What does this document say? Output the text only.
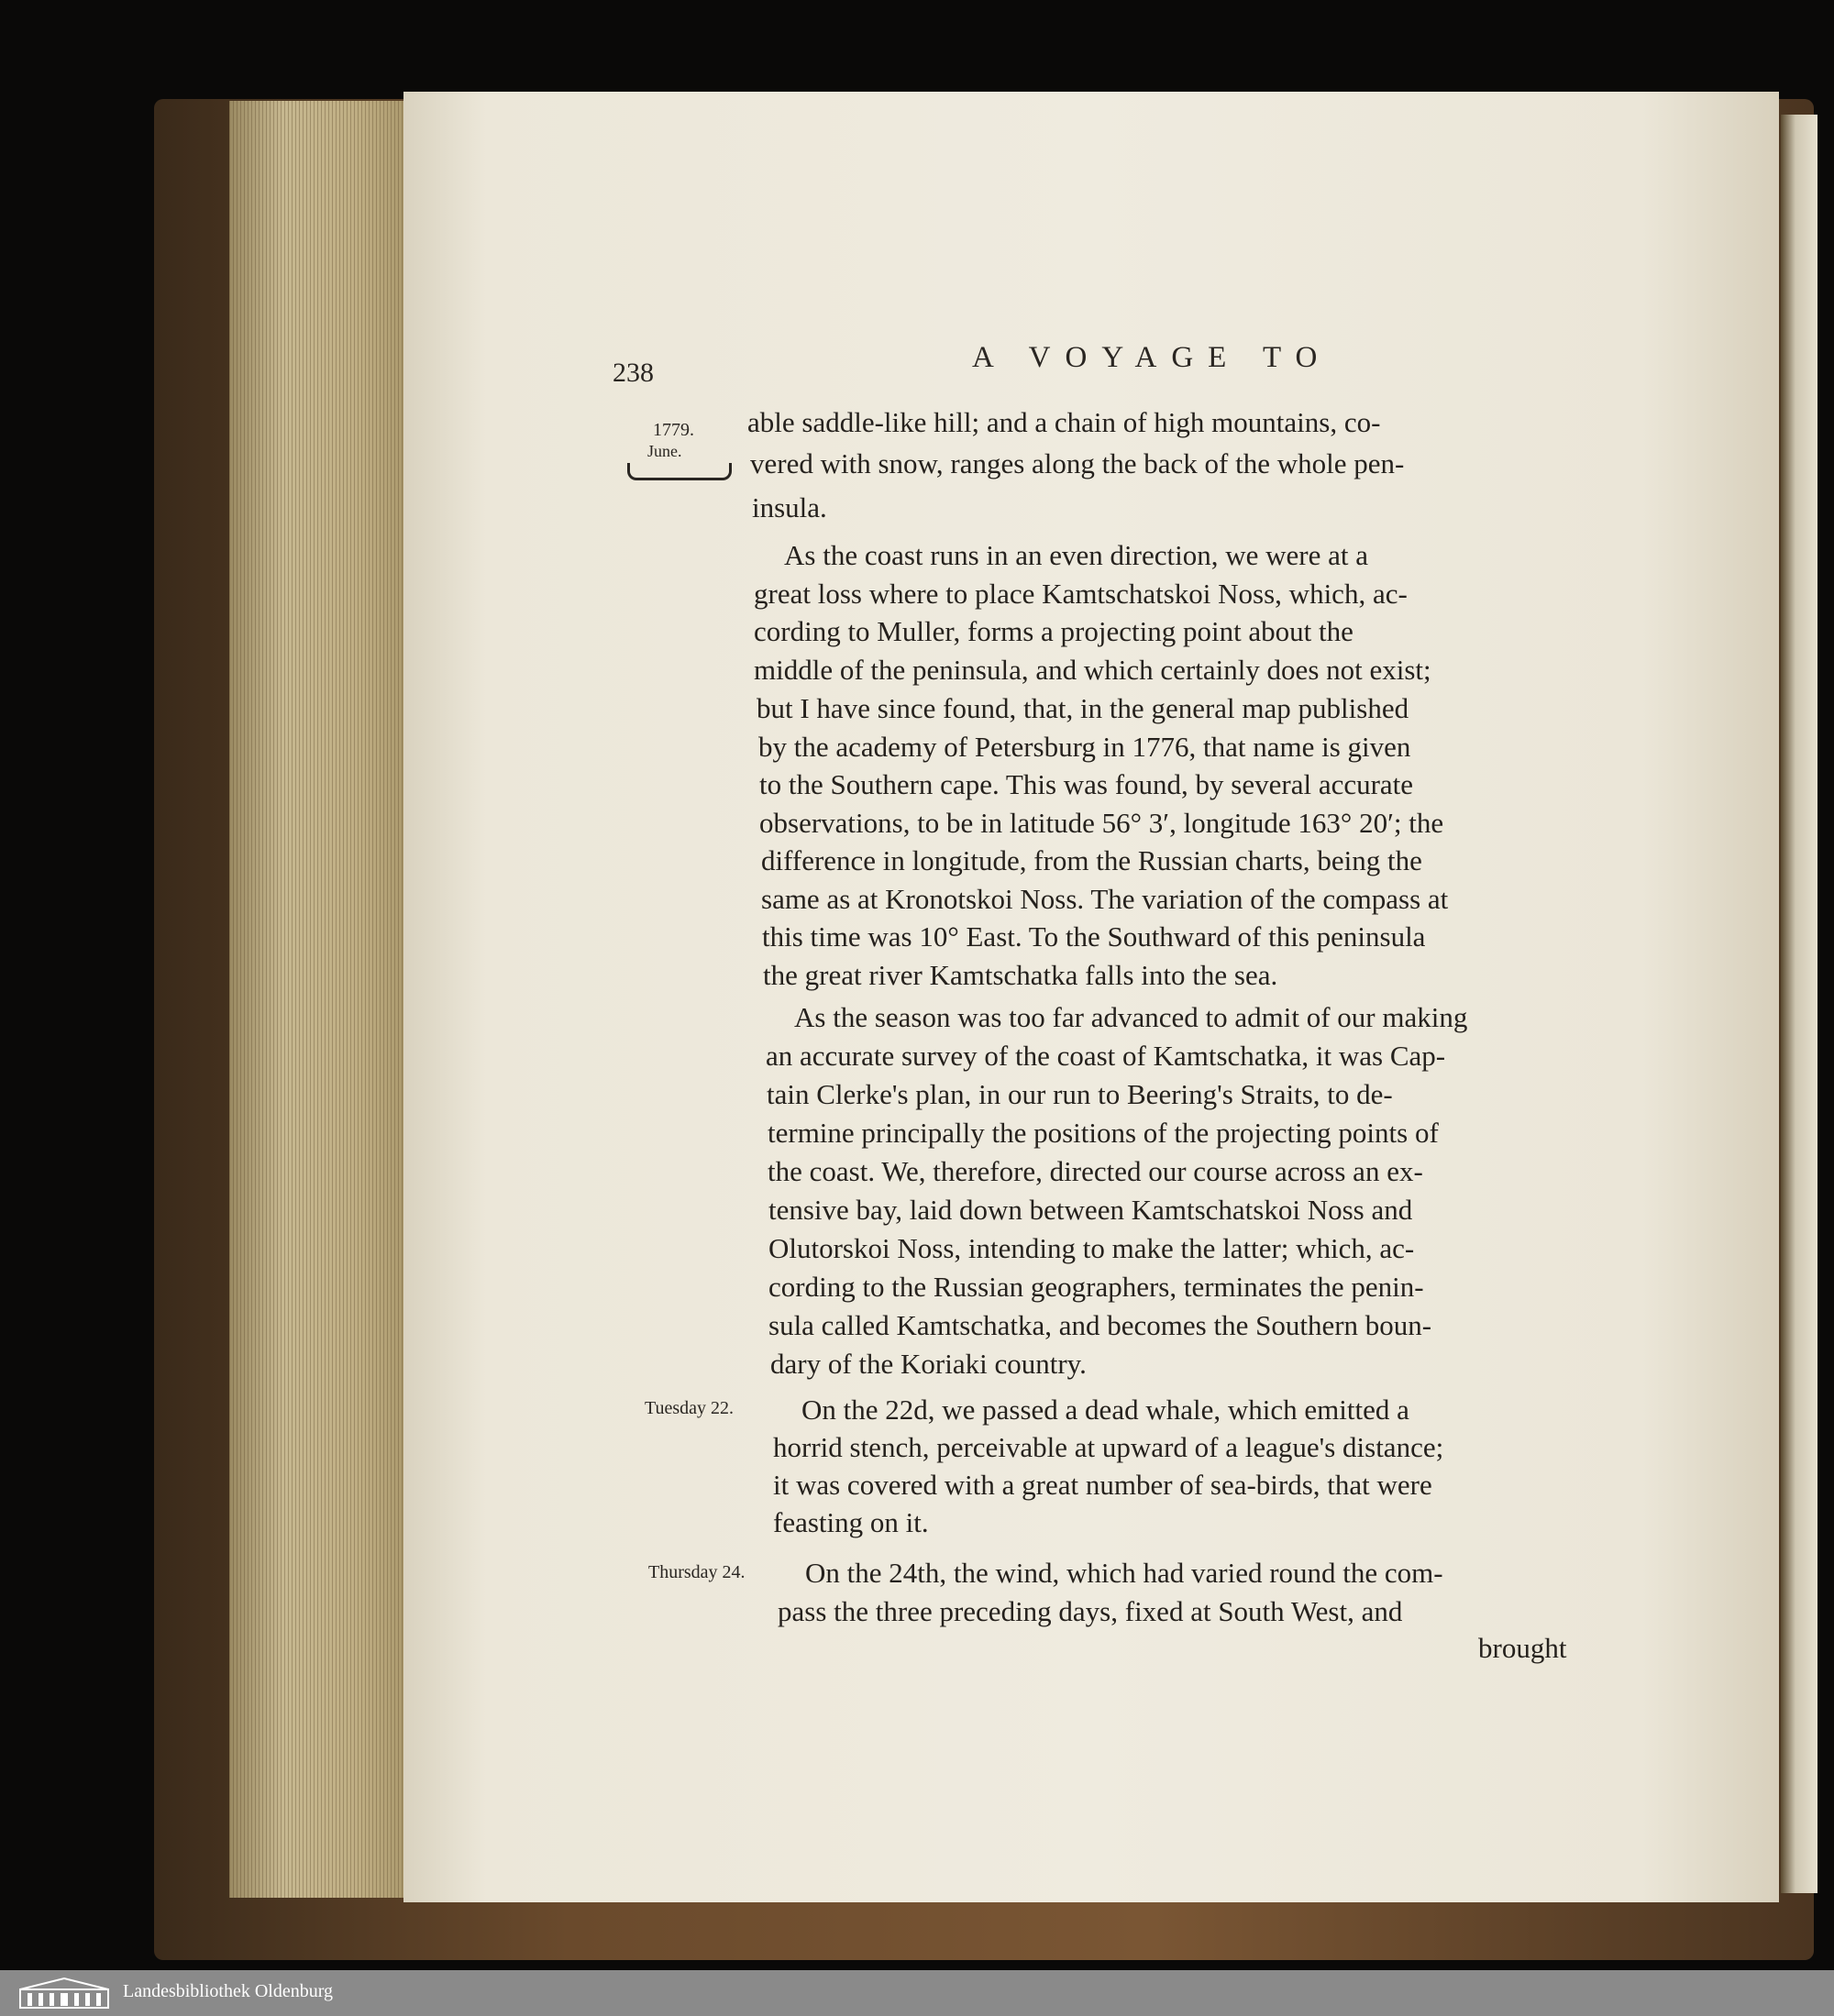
238	A VOYAGE TO
1779.
June.
Tuesday 22.
Thursday 24.
able saddle-like hill; and a chain of high mountains, co-
vered with snow, ranges along the back of the whole pen-
insula.
As the coast runs in an even direction, we were at a
great loss where to place Kamtschatskoi Noss, which, ac-
cording to Muller, forms a projecting point about the
middle of the peninsula, and which certainly does not exist;
but I have since found, that, in the general map published
by the academy of Petersburg in 1776, that name is given
to the Southern cape. This was found, by several accurate
observations, to be in latitude 56° 3′, longitude 163° 20′; the
difference in longitude, from the Russian charts, being the
same as at Kronotskoi Noss. The variation of the compass at
this time was 10° East. To the Southward of this peninsula
the great river Kamtschatka falls into the sea.
As the season was too far advanced to admit of our making
an accurate survey of the coast of Kamtschatka, it was Cap-
tain Clerke's plan, in our run to Beering's Straits, to de-
termine principally the positions of the projecting points of
the coast. We, therefore, directed our course across an ex-
tensive bay, laid down between Kamtschatskoi Noss and
Olutorskoi Noss, intending to make the latter; which, ac-
cording to the Russian geographers, terminates the penin-
sula called Kamtschatka, and becomes the Southern boun-
dary of the Koriaki country.
On the 22d, we passed a dead whale, which emitted a
horrid stench, perceivable at upward of a league's distance;
it was covered with a great number of sea-birds, that were
feasting on it.
On the 24th, the wind, which had varied round the com-
pass the three preceding days, fixed at South West, and
brought
Landesbibliothek Oldenburg
